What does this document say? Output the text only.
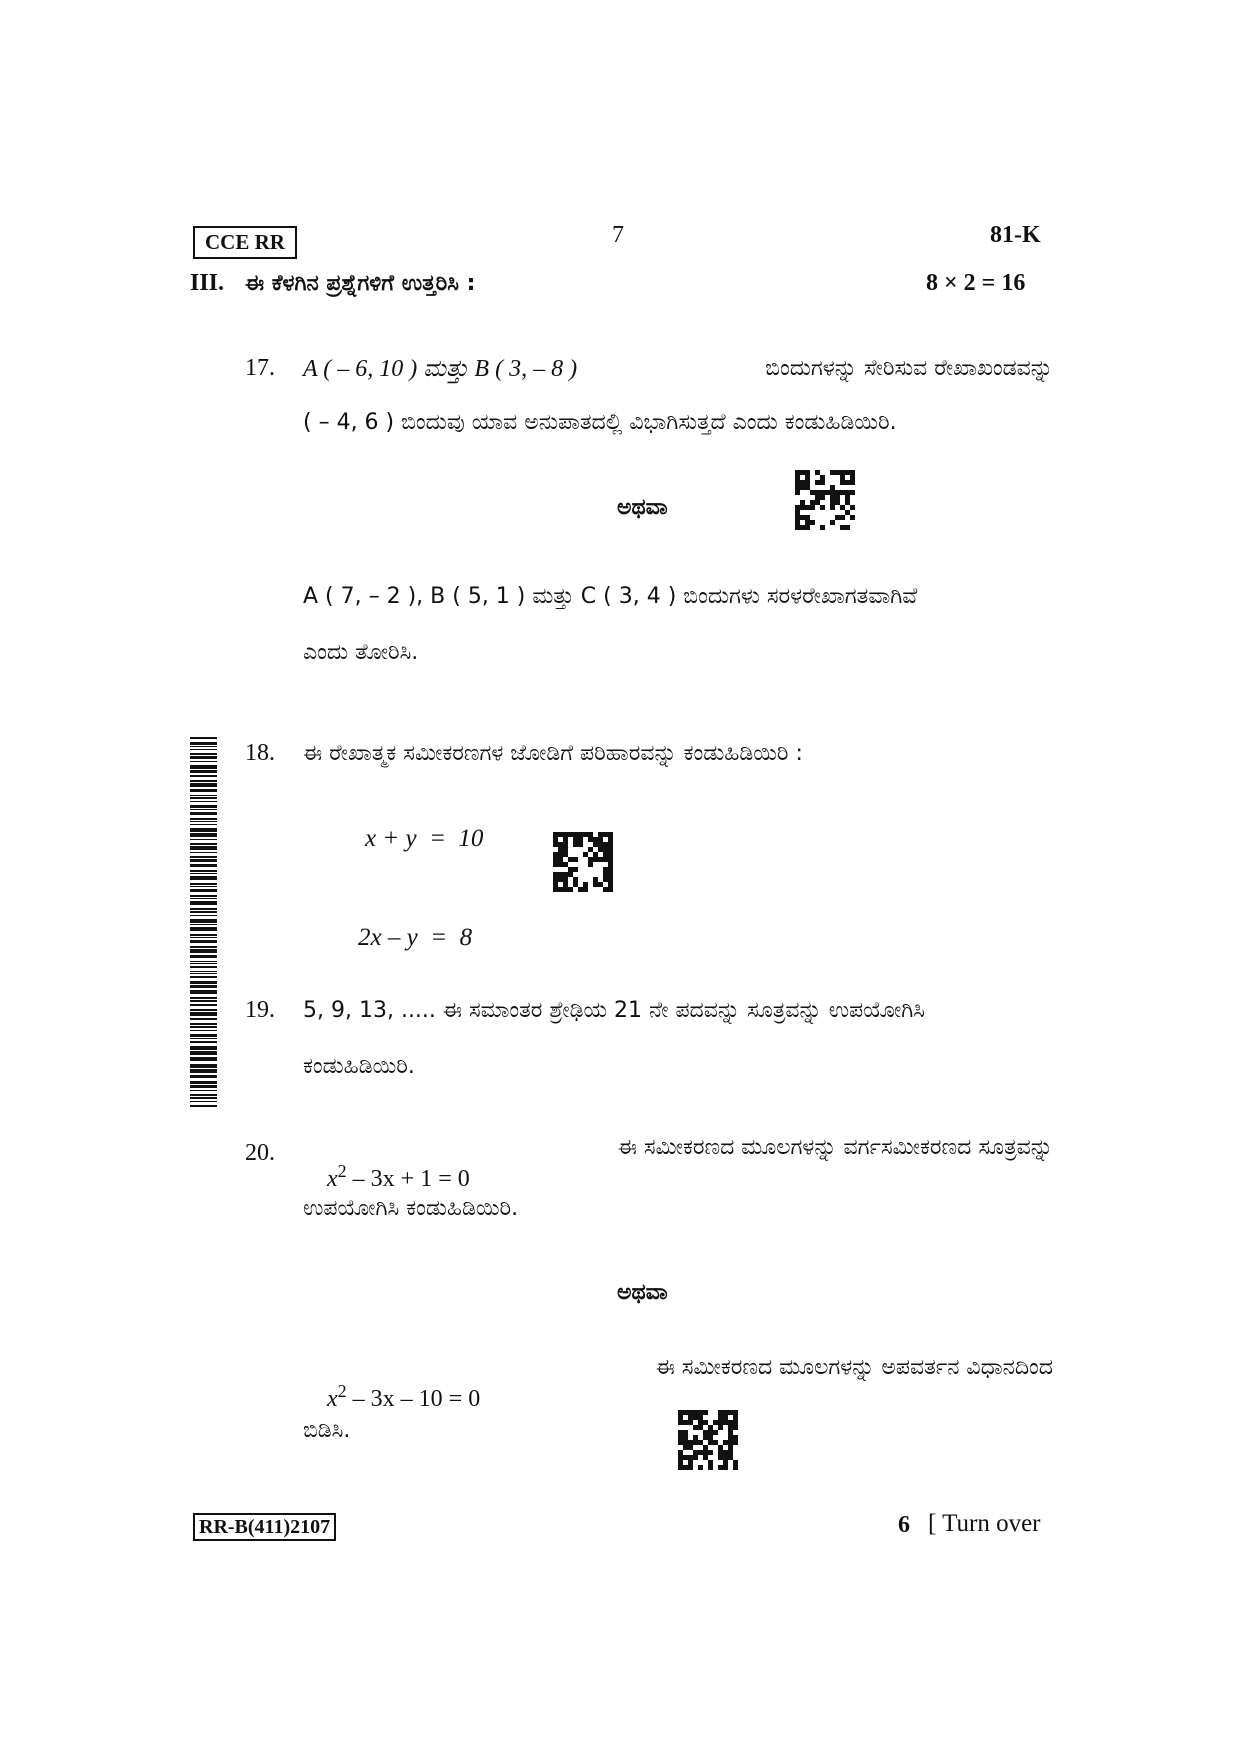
CCE RR	7	81-K
III. ಈ ಕೆಳಗಿನ ಪ್ರಶ್ನೆಗಳಿಗೆ ಉತ್ತರಿಸಿ :	8 × 2 = 16
17. A ( – 6, 10 ) ಮತ್ತು B ( 3, – 8 )	ಬಿಂದುಗಳನ್ನು ಸೇರಿಸುವ ರೇಖಾಖಂಡವನ್ನು
( – 4, 6 ) ಬಿಂದುವು ಯಾವ ಅನುಪಾತದಲ್ಲಿ ವಿಭಾಗಿಸುತ್ತದೆ ಎಂದು ಕಂಡುಹಿಡಿಯಿರಿ.
ಅಥವಾ
A ( 7, – 2 ), B ( 5, 1 ) ಮತ್ತು C ( 3, 4 ) ಬಿಂದುಗಳು ಸರಳರೇಖಾಗತವಾಗಿವೆ
ಎಂದು ತೋರಿಸಿ.
18. ಈ ರೇಖಾತ್ಮಕ ಸಮೀಕರಣಗಳ ಜೋಡಿಗೆ ಪರಿಹಾರವನ್ನು ಕಂಡುಹಿಡಿಯಿರಿ :
x + y  =  10
2x – y  =  8
19. 5, 9, 13, ..... ಈ ಸಮಾಂತರ ಶ್ರೇಢಿಯ 21 ನೇ ಪದವನ್ನು ಸೂತ್ರವನ್ನು ಉಪಯೋಗಿಸಿ
ಕಂಡುಹಿಡಿಯಿರಿ.
20.

$x^2 - 3x + 1 = 0$

ಈ ಸಮೀಕರಣದ ಮೂಲಗಳನ್ನು ವರ್ಗಸಮೀಕರಣದ ಸೂತ್ರವನ್ನು
ಉಪಯೋಗಿಸಿ ಕಂಡುಹಿಡಿಯಿರಿ.
ಅಥವಾ

$x^2 - 3x - 10 = 0$

ಈ ಸಮೀಕರಣದ ಮೂಲಗಳನ್ನು ಅಪವರ್ತನ ವಿಧಾನದಿಂದ
ಬಿಡಿಸಿ.
RR-B(411)2107	6 [ Turn over
